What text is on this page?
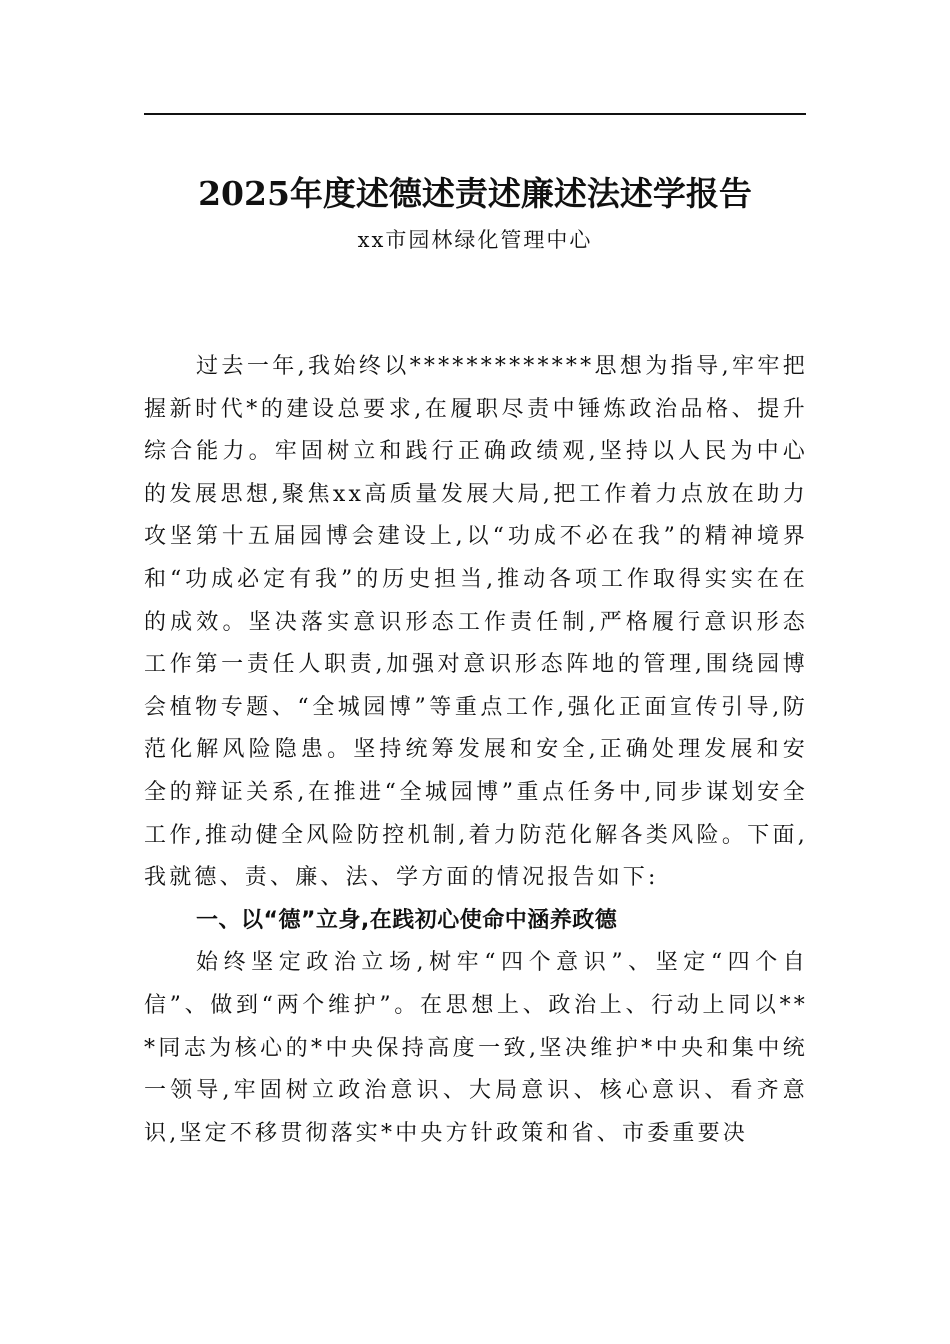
2025年度述德述责述廉述法述学报告

xx市园林绿化管理中心

过去一年,我始终以*************思想为指导,牢牢把握新时代*的建设总要求,在履职尽责中锤炼政治品格、提升综合能力。牢固树立和践行正确政绩观,坚持以人民为中心的发展思想,聚焦xx高质量发展大局,把工作着力点放在助力攻坚第十五届园博会建设上,以“功成不必在我”的精神境界和“功成必定有我”的历史担当,推动各项工作取得实实在在的成效。坚决落实意识形态工作责任制,严格履行意识形态工作第一责任人职责,加强对意识形态阵地的管理,围绕园博会植物专题、“全城园博”等重点工作,强化正面宣传引导,防范化解风险隐患。坚持统筹发展和安全,正确处理发展和安全的辩证关系,在推进“全城园博”重点任务中,同步谋划安全工作,推动健全风险防控机制,着力防范化解各类风险。下面,我就德、责、廉、法、学方面的情况报告如下:

一、以“德”立身,在践初心使命中涵养政德

始终坚定政治立场,树牢“四个意识”、坚定“四个自信”、做到“两个维护”。在思想上、政治上、行动上同以***同志为核心的*中央保持高度一致,坚决维护*中央和集中统一领导,牢固树立政治意识、大局意识、核心意识、看齐意识,坚定不移贯彻落实*中央方针政策和省、市委重要决
